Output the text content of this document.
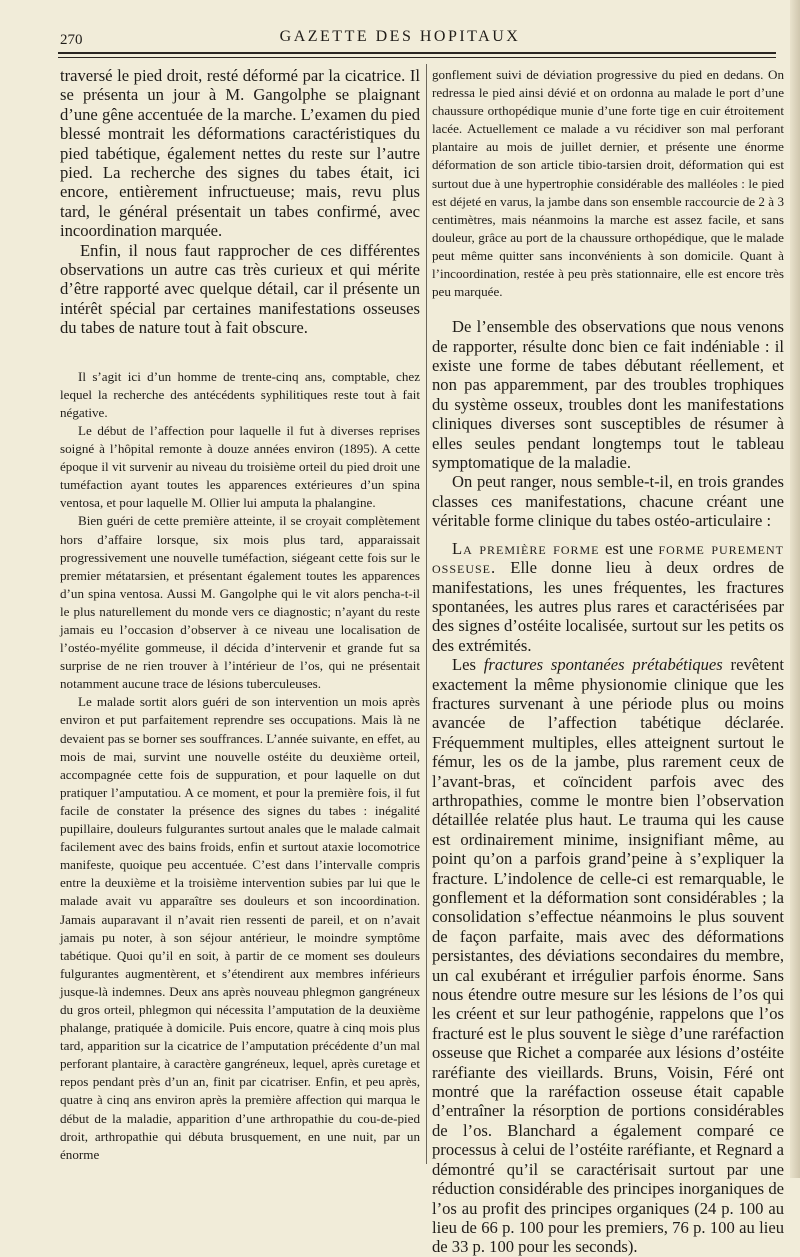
270	GAZETTE DES HOPITAUX

traversé le pied droit, resté déformé par la cicatrice. Il se présenta un jour à M. Gangolphe se plaignant d’une gêne accentuée de la marche. L’examen du pied blessé montrait les déformations caractéristiques du pied tabétique, également nettes du reste sur l’autre pied. La recherche des signes du tabes était, ici encore, entièrement infructueuse; mais, revu plus tard, le général présentait un tabes confirmé, avec incoordination marquée.

Enfin, il nous faut rapprocher de ces différentes observations un autre cas très curieux et qui mérite d’être rapporté avec quelque détail, car il présente un intérêt spécial par certaines manifestations osseuses du tabes de nature tout à fait obscure.

Il s’agit ici d’un homme de trente-cinq ans, comptable, chez lequel la recherche des antécédents syphilitiques reste tout à fait négative.

Le début de l’affection pour laquelle il fut à diverses reprises soigné à l’hôpital remonte à douze années environ (1895). A cette époque il vit survenir au niveau du troisième orteil du pied droit une tuméfaction ayant toutes les apparences extérieures d’un spina ventosa, et pour laquelle M. Ollier lui amputa la phalangine.

Bien guéri de cette première atteinte, il se croyait complètement hors d’affaire lorsque, six mois plus tard, apparaissait progressivement une nouvelle tuméfaction, siégeant cette fois sur le premier métatarsien, et présentant également toutes les apparences d’un spina ventosa. Aussi M. Gangolphe qui le vit alors pencha-t-il le plus naturellement du monde vers ce diagnostic; n’ayant du reste jamais eu l’occasion d’observer à ce niveau une localisation de l’ostéo-myélite gommeuse, il décida d’intervenir et grande fut sa surprise de ne rien trouver à l’intérieur de l’os, qui ne présentait notamment aucune trace de lésions tuberculeuses.

Le malade sortit alors guéri de son intervention un mois après environ et put parfaitement reprendre ses occupations. Mais là ne devaient pas se borner ses souffrances. L’année suivante, en effet, au mois de mai, survint une nouvelle ostéite du deuxième orteil, accompagnée cette fois de suppuration, et pour laquelle on dut pratiquer l’amputatiou. A ce moment, et pour la première fois, il fut facile de constater la présence des signes du tabes : inégalité pupillaire, douleurs fulgurantes surtout anales que le malade calmait facilement avec des bains froids, enfin et surtout ataxie locomotrice manifeste, quoique peu accentuée. C’est dans l’intervalle compris entre la deuxième et la troisième intervention subies par lui que le malade avait vu apparaître ses douleurs et son incoordination. Jamais auparavant il n’avait rien ressenti de pareil, et on n’avait jamais pu noter, à son séjour antérieur, le moindre symptôme tabétique. Quoi qu’il en soit, à partir de ce moment ses douleurs fulgurantes augmentèrent, et s’étendirent aux membres inférieurs jusque-là indemnes. Deux ans après nouveau phlegmon gangréneux du gros orteil, phlegmon qui nécessita l’amputation de la deuxième phalange, pratiquée à domicile. Puis encore, quatre à cinq mois plus tard, apparition sur la cicatrice de l’amputation précédente d’un mal perforant plantaire, à caractère gangréneux, lequel, après curetage et repos pendant près d’un an, finit par cicatriser. Enfin, et peu après, quatre à cinq ans environ après la première affection qui marqua le début de la maladie, apparition d’une arthropathie du cou-de-pied droit, arthropathie qui débuta brusquement, en une nuit, par un énorme

gonflement suivi de déviation progressive du pied en dedans. On redressa le pied ainsi dévié et on ordonna au malade le port d’une chaussure orthopédique munie d’une forte tige en cuir étroitement lacée. Actuellement ce malade a vu récidiver son mal perforant plantaire au mois de juillet dernier, et présente une énorme déformation de son article tibio-tarsien droit, déformation qui est surtout due à une hypertrophie considérable des malléoles : le pied est déjeté en varus, la jambe dans son ensemble raccourcie de 2 à 3 centimètres, mais néanmoins la marche est assez facile, et sans douleur, grâce au port de la chaussure orthopédique, que le malade peut même quitter sans inconvénients à son domicile. Quant à l’incoordination, restée à peu près stationnaire, elle est encore très peu marquée.

De l’ensemble des observations que nous venons de rapporter, résulte donc bien ce fait indéniable : il existe une forme de tabes débutant réellement, et non pas apparemment, par des troubles trophiques du système osseux, troubles dont les manifestations cliniques diverses sont susceptibles de résumer à elles seules pendant longtemps tout le tableau symptomatique de la maladie.

On peut ranger, nous semble-t-il, en trois grandes classes ces manifestations, chacune créant une véritable forme clinique du tabes ostéo-articulaire :

La première forme est une forme purement osseuse. Elle donne lieu à deux ordres de manifestations, les unes fréquentes, les fractures spontanées, les autres plus rares et caractérisées par des signes d’ostéite localisée, surtout sur les petits os des extrémités.

Les fractures spontanées prétabétiques revêtent exactement la même physionomie clinique que les fractures survenant à une période plus ou moins avancée de l’affection tabétique déclarée. Fréquemment multiples, elles atteignent surtout le fémur, les os de la jambe, plus rarement ceux de l’avant-bras, et coïncident parfois avec des arthropathies, comme le montre bien l’observation détaillée relatée plus haut. Le trauma qui les cause est ordinairement minime, insignifiant même, au point qu’on a parfois grand’peine à s’expliquer la fracture. L’indolence de celle-ci est remarquable, le gonflement et la déformation sont considérables ; la consolidation s’effectue néanmoins le plus souvent de façon parfaite, mais avec des déformations persistantes, des déviations secondaires du membre, un cal exubérant et irrégulier parfois énorme. Sans nous étendre outre mesure sur les lésions de l’os qui les créent et sur leur pathogénie, rappelons que l’os fracturé est le plus souvent le siège d’une raréfaction osseuse que Richet a comparée aux lésions d’ostéite raréfiante des vieillards. Bruns, Voisin, Féré ont montré que la raréfaction osseuse était capable d’entraîner la résorption de portions considérables de l’os. Blanchard a également comparé ce processus à celui de l’ostéite raréfiante, et Regnard a démontré qu’il se caractérisait surtout par une réduction considérable des principes inorganiques de l’os au profit des principes organiques (24 p. 100 au lieu de 66 p. 100 pour les premiers, 76 p. 100 au lieu de 33 p. 100 pour les seconds).
